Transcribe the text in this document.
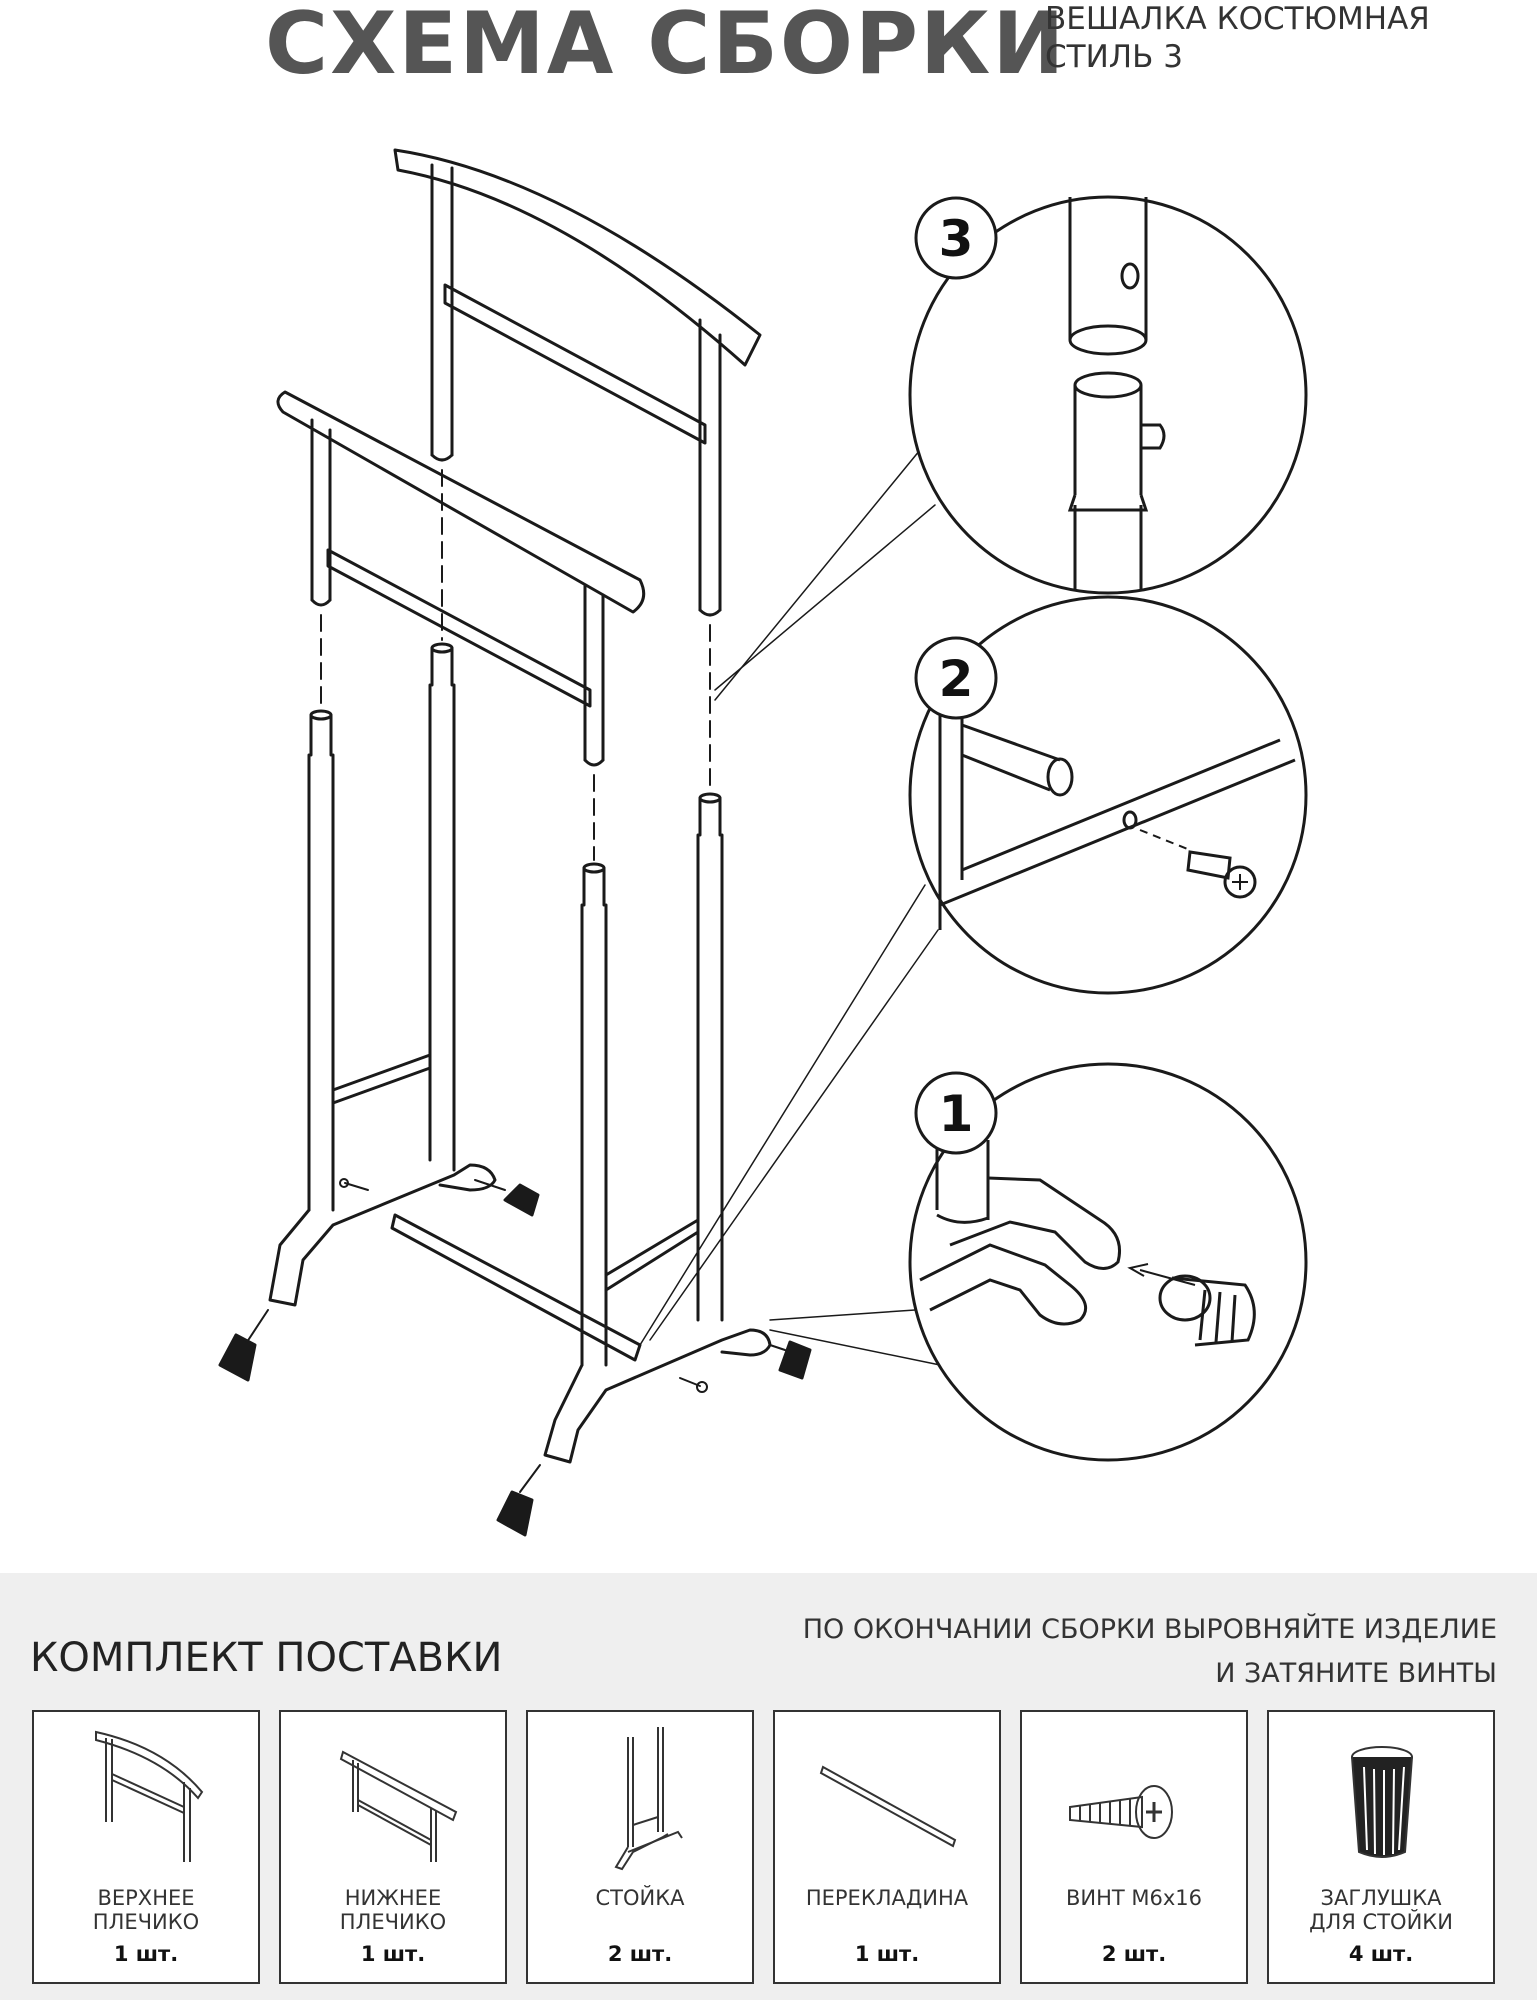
СХЕМА СБОРКИ
ВЕШАЛКА КОСТЮМНАЯ
СТИЛЬ 3
3
2
1
КОМПЛЕКТ ПОСТАВКИ
ПО ОКОНЧАНИИ СБОРКИ ВЫРОВНЯЙТЕ ИЗДЕЛИЕ
И ЗАТЯНИТЕ ВИНТЫ
ВЕРХНЕЕ
ПЛЕЧИКО
1 шт.
НИЖНЕЕ
ПЛЕЧИКО
1 шт.
СТОЙКА
2 шт.
ПЕРЕКЛАДИНА
1 шт.
ВИНТ М6х16
2 шт.
ЗАГЛУШКА
ДЛЯ СТОЙКИ
4 шт.
